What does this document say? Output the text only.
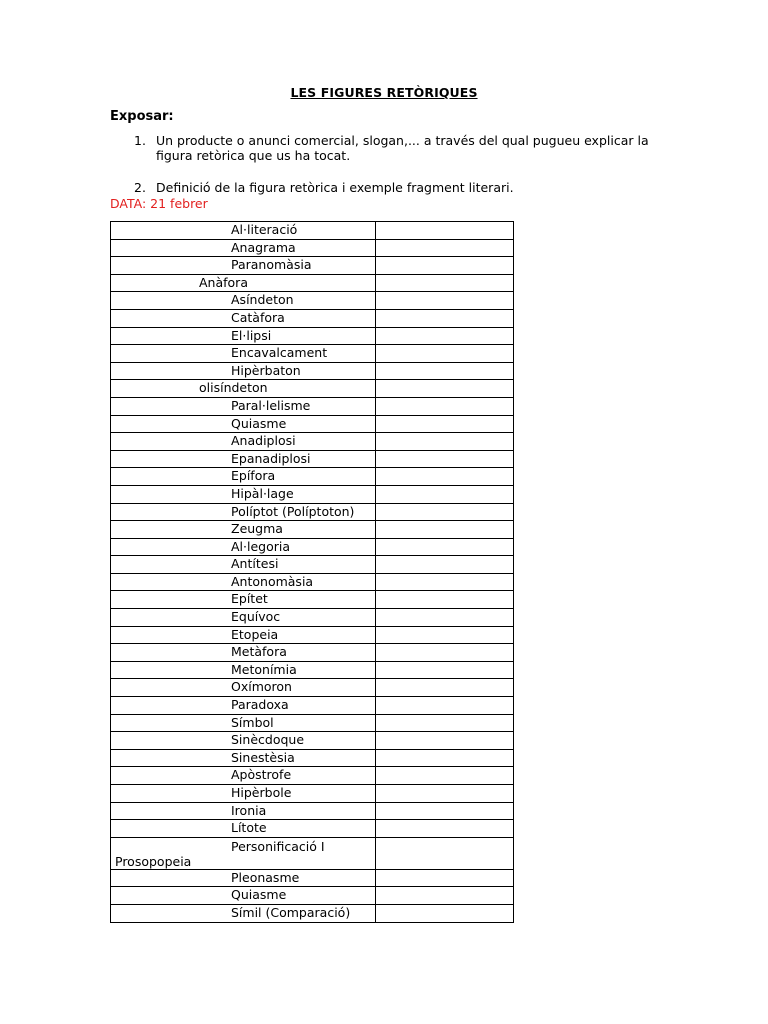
LES FIGURES RETÒRIQUES
Exposar:
1. Un producte o anunci comercial, slogan,... a través del qual pugueu explicar la figura retòrica que us ha tocat.
2. Definició de la figura retòrica i exemple fragment literari.
DATA: 21 febrer
Al·literació	

Anagrama	

Paranomàsia	

Anàfora	

Asíndeton	

Catàfora	

El·lipsi	

Encavalcament	

Hipèrbaton	

olisíndeton	

Paral·lelisme	

Quiasme	

Anadiplosi	

Epanadiplosi	

Epífora	

Hipàl·lage	

Políptot (Políptoton)	

Zeugma	

Al·legoria	

Antítesi	

Antonomàsia	

Epítet	

Equívoc	

Etopeia	

Metàfora	

Metonímia	

Oxímoron	

Paradoxa	

Símbol	

Sinècdoque	

Sinestèsia	

Apòstrofe	

Hipèrbole	

Ironia	

Lítote	

Personificació I
Prosopopeia	

Pleonasme	

Quiasme	

Símil (Comparació)	
